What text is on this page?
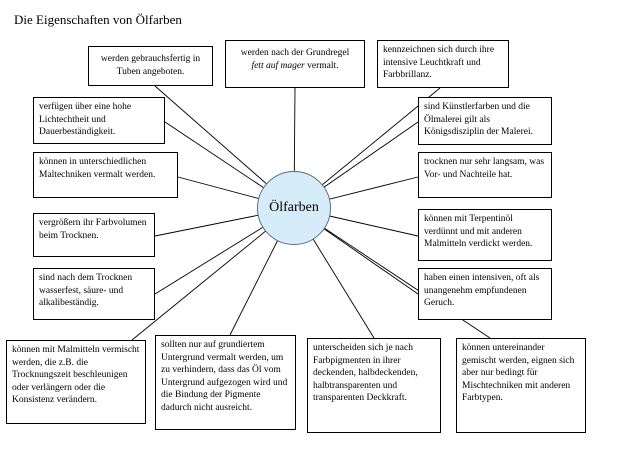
Die Eigenschaften von Ölfarben
Ölfarben
werden gebrauchsfertig in Tuben angeboten.
werden nach der Grundregel
fett auf mager vermalt.
kennzeichnen sich durch ihre intensive Leuchtkraft und Farbbrillanz.
verfügen über eine hohe Lichtechtheit und Dauerbeständigkeit.
sind Künstlerfarben und die Ölmalerei gilt als Königsdisziplin der Malerei.
können in unterschiedlichen Maltechniken vermalt werden.
trocknen nur sehr langsam, was Vor- und Nachteile hat.
vergrößern ihr Farbvolumen beim Trocknen.
können mit Terpentinöl verdünnt und mit anderen Malmitteln verdickt werden.
sind nach dem Trocknen wasserfest, säure- und alkalibeständig.
haben einen intensiven, oft als unangenehm empfundenen Geruch.
können mit Malmitteln vermischt werden, die z.B. die Trocknungszeit beschleunigen oder verlängern oder die Konsistenz verändern.
sollten nur auf grundiertem Untergrund vermalt werden, um zu verhindern, dass das Öl vom Untergrund aufgezogen wird und die Bindung der Pigmente dadurch nicht ausreicht.
unterscheiden sich je nach Farbpigmenten in ihrer deckenden, halbdeckenden, halbtransparenten und transparenten Deckkraft.
können untereinander gemischt werden, eignen sich aber nur bedingt für Mischtechniken mit anderen Farbtypen.
